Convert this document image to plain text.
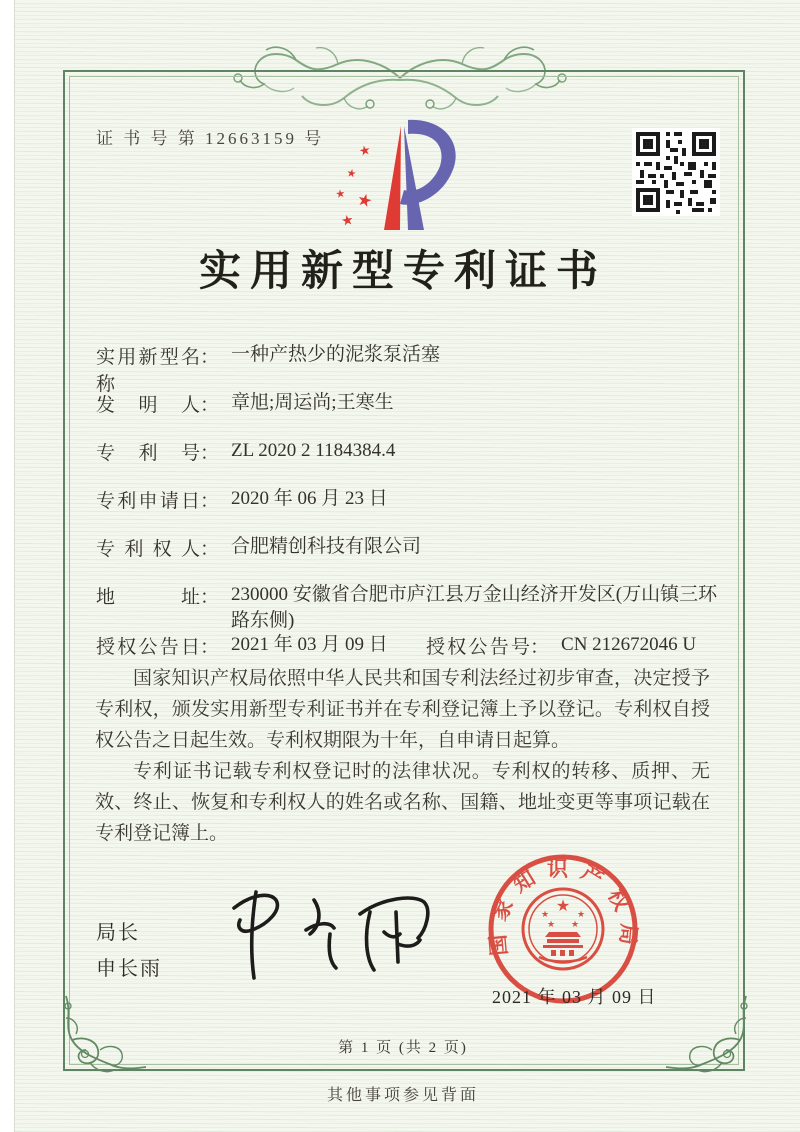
证 书 号 第 12663159 号
★
★
★ ★
★
实用新型专利证书
实用新型名称： 一种产热少的泥浆泵活塞
发明人： 章旭;周运尚;王寒生
专利号： ZL 2020 2 1184384.4
专利申请日： 2020 年 06 月 23 日
专利权人： 合肥精创科技有限公司
地址： 230000 安徽省合肥市庐江县万金山经济开发区(万山镇三环路东侧)
授权公告日： 2021 年 03 月 09 日 授权公告号： CN 212672046 U

国家知识产权局依照中华人民共和国专利法经过初步审查，决定授予专利权，颁发实用新型专利证书并在专利登记簿上予以登记。专利权自授权公告之日起生效。专利权期限为十年，自申请日起算。

专利证书记载专利权登记时的法律状况。专利权的转移、质押、无效、终止、恢复和专利权人的姓名或名称、国籍、地址变更等事项记载在专利登记簿上。

局长
申长雨
国家知识产权局
★
★	★
★ ★
2021 年 03 月 09 日
第 1 页 (共 2 页)
其他事项参见背面
